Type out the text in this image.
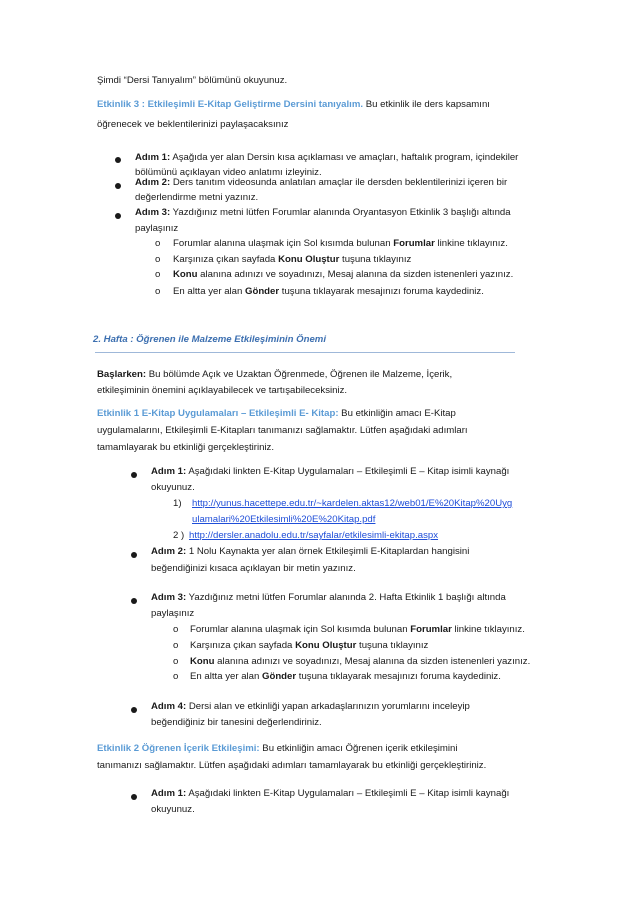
Şimdi “Dersi Tanıyalım” bölümünü okuyunuz.
Etkinlik 3 : Etkileşimli E-Kitap Geliştirme Dersini tanıyalım. Bu etkinlik ile ders kapsamını
öğrenecek ve beklentilerinizi paylaşacaksınız
Adım 1: Aşağıda yer alan Dersin kısa açıklaması ve amaçları, haftalık program, içindekiler
bölümünü açıklayan video anlatımı izleyiniz.
Adım 2: Ders tanıtım videosunda anlatılan amaçlar ile dersden beklentilerinizi içeren bir
değerlendirme metni yazınız.
Adım 3: Yazdığınız metni lütfen Forumlar alanında Oryantasyon Etkinlik 3 başlığı altında
paylaşınız
o Forumlar alanına ulaşmak için Sol kısımda bulunan Forumlar linkine tıklayınız.
o Karşınıza çıkan sayfada Konu Oluştur tuşuna tıklayınız
o Konu alanına adınızı ve soyadınızı, Mesaj alanına da sizden istenenleri yazınız.
o En altta yer alan Gönder tuşuna tıklayarak mesajınızı foruma kaydediniz.
2. Hafta : Öğrenen ile Malzeme Etkileşiminin Önemi
Başlarken: Bu bölümde Açık ve Uzaktan Öğrenmede, Öğrenen ile Malzeme, İçerik,
etkileşiminin önemini açıklayabilecek ve tartışabileceksiniz.
Etkinlik 1 E-Kitap Uygulamaları – Etkileşimli E- Kitap: Bu etkinliğin amacı E-Kitap
uygulamalarını, Etkileşimli E-Kitapları tanımanızı sağlamaktır. Lütfen aşağıdaki adımları
tamamlayarak bu etkinliği gerçekleştiriniz.
Adım 1: Aşağıdaki linkten E-Kitap Uygulamaları – Etkileşimli E – Kitap isimli kaynağı
okuyunuz.
1) http://yunus.hacettepe.edu.tr/~kardelen.aktas12/web01/E%20Kitap%20Uyg
ulamalari%20Etkilesimli%20E%20Kitap.pdf
2 ) http://dersler.anadolu.edu.tr/sayfalar/etkilesimli-ekitap.aspx
Adım 2: 1 Nolu Kaynakta yer alan örnek Etkileşimli E-Kitaplardan hangisini
beğendiğinizi kısaca açıklayan bir metin yazınız.
Adım 3: Yazdığınız metni lütfen Forumlar alanında 2. Hafta Etkinlik 1 başlığı altında
paylaşınız
o Forumlar alanına ulaşmak için Sol kısımda bulunan Forumlar linkine tıklayınız.
o Karşınıza çıkan sayfada Konu Oluştur tuşuna tıklayınız
o Konu alanına adınızı ve soyadınızı, Mesaj alanına da sizden istenenleri yazınız.
o En altta yer alan Gönder tuşuna tıklayarak mesajınızı foruma kaydediniz.
Adım 4: Dersi alan ve etkinliği yapan arkadaşlarınızın yorumlarını inceleyip
beğendiğiniz bir tanesini değerlendiriniz.
Etkinlik 2 Öğrenen İçerik Etkileşimi: Bu etkinliğin amacı Öğrenen içerik etkileşimini
tanımanızı sağlamaktır. Lütfen aşağıdaki adımları tamamlayarak bu etkinliği gerçekleştiriniz.
Adım 1: Aşağıdaki linkten E-Kitap Uygulamaları – Etkileşimli E – Kitap isimli kaynağı
okuyunuz.
